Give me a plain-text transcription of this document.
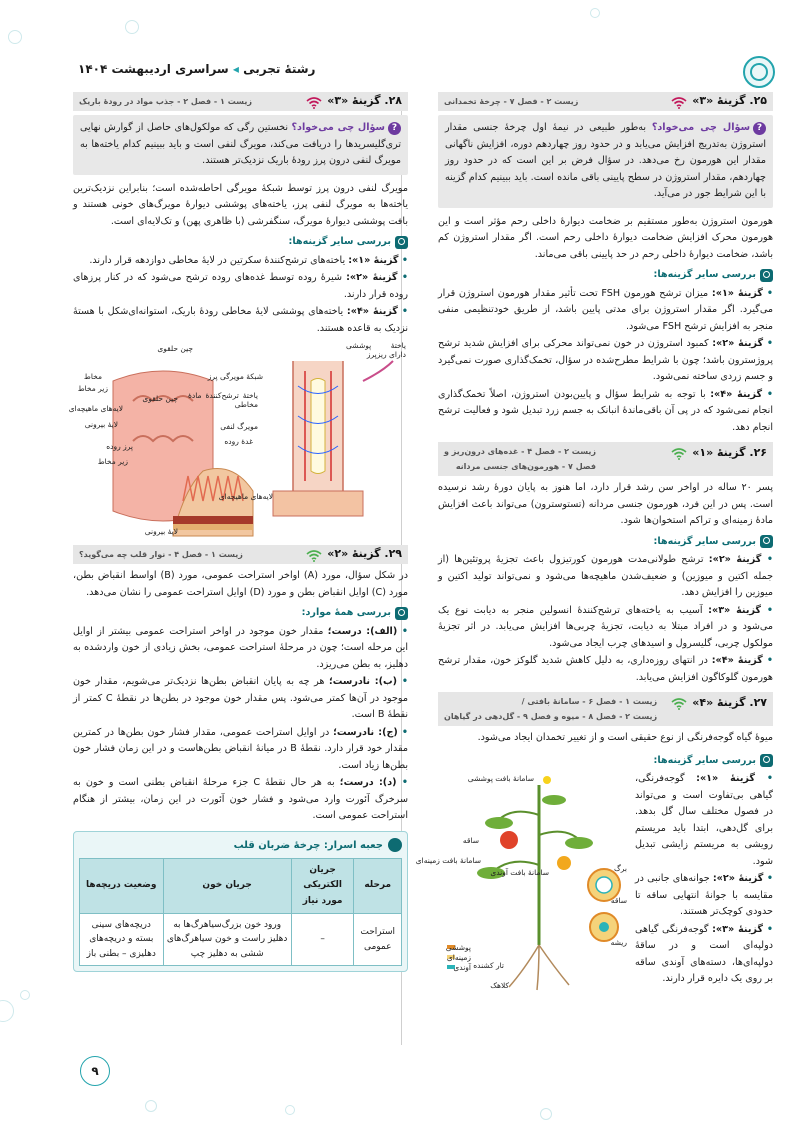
رشتهٔ تجربی ◂ سراسری اردیبهشت ۱۴۰۴
۲۵. گزینهٔ «۳»
زیست ۲ - فصل ۷ - چرخهٔ تخمدانی
?سؤال چی می‌خواد؟ به‌طور طبیعی در نیمهٔ اول چرخهٔ جنسی مقدار استروژن به‌تدریج افزایش می‌یابد و در حدود روز چهاردهم دوره، افزایش ناگهانی مقدار این هورمون رخ می‌دهد. در سؤال فرض بر این است که در حدود روز چهاردهم، مقدار استروژن در سطح پایینی باقی مانده است. باید ببینیم کدام گزینه با این شرایط جور در می‌آید.

هورمون استروژن به‌طور مستقیم بر ضخامت دیوارهٔ داخلی رحم مؤثر است و این هورمون محرک افزایش ضخامت دیوارهٔ داخلی رحم است. اگر مقدار استروژن کم باشد، ضخامت دیوارهٔ داخلی رحم در حد پایینی باقی می‌ماند.

بررسی سایر گزینه‌ها:
• گزینهٔ «۱»: میزان ترشح هورمون FSH تحت تأثیر مقدار هورمون استروژن قرار می‌گیرد. اگر مقدار استروژن برای مدتی پایین باشد، از طریق خودتنظیمی منفی منجر به افزایش ترشح FSH می‌شود.
• گزینهٔ «۲»: کمبود استروژن در خون نمی‌تواند محرکی برای افزایش شدید ترشح پروژسترون باشد؛ چون با شرایط مطرح‌شده در سؤال، تخمک‌گذاری صورت نمی‌گیرد و جسم زردی ساخته نمی‌شود.
• گزینهٔ «۴»: با توجه به شرایط سؤال و پایین‌بودن استروژن، اصلاً تخمک‌گذاری انجام نمی‌شود که در پی آن باقی‌ماندهٔ انبانک به جسم زرد تبدیل شود و فعالیت ترشح انجام دهد.
۲۶. گزینهٔ «۱»
زیست ۲ - فصل ۴ - غده‌های درون‌ریز و
فصل ۷ - هورمون‌های جنسی مردانه

پسر ۲۰ ساله در اواخر سن رشد قرار دارد، اما هنوز به پایان دورهٔ رشد نرسیده است. پس در این فرد، هورمون جنسی مردانه (تستوسترون) می‌تواند باعث افزایش مادهٔ زمینه‌ای و تراکم استخوان‌ها شود.

بررسی سایر گزینه‌ها:
• گزینهٔ «۲»: ترشح طولانی‌مدت هورمون کورتیزول باعث تجزیهٔ پروتئین‌ها (از جمله اکتین و میوزین) و ضعیف‌شدن ماهیچه‌ها می‌شود و نمی‌تواند تولید اکتین و میوزین را افزایش دهد.
• گزینهٔ «۳»: آسیب به یاخته‌های ترشح‌کنندهٔ انسولین منجر به دیابت نوع یک می‌شود و در افراد مبتلا به دیابت، تجزیهٔ چربی‌ها افزایش می‌یابد. در اثر تجزیهٔ مولکول چربی، گلیسرول و اسیدهای چرب ایجاد می‌شود.
• گزینهٔ «۴»: در انتهای روزه‌داری، به دلیل کاهش شدید گلوکز خون، مقدار ترشح هورمون گلوکاگون افزایش می‌یابد.
۲۷. گزینهٔ «۴»
زیست ۱ - فصل ۶ - سامانهٔ بافتی /
زیست ۲ - فصل ۸ - میوه و فصل ۹ - گل‌دهی در گیاهان

میوهٔ گیاه گوجه‌فرنگی از نوع حقیقی است و از تغییر تخمدان ایجاد می‌شود.

بررسی سایر گزینه‌ها:
• گزینهٔ «۱»: گوجه‌فرنگی، گیاهی بی‌تفاوت است و می‌تواند در فصول مختلف سال گل بدهد. برای گل‌دهی، ابتدا باید مریستم رویشی به مریستم زایشی تبدیل شود.
• گزینهٔ «۲»: جوانه‌های جانبی در مقایسه با جوانهٔ انتهایی ساقه تا حدودی کوچک‌تر هستند.
• گزینهٔ «۳»: گوجه‌فرنگی گیاهی دولپه‌ای است و در ساقهٔ دولپه‌ای‌ها، دسته‌های آوندی ساقه بر روی یک دایره قرار دارند.
سامانهٔ بافت پوششی
ساقه
سامانهٔ بافت زمینه‌ای
سامانهٔ بافت آوندی	برگ
ساقه
ریشه
تار کشنده
کلاهک
پوششی
زمینه‌ای
آوندی
۲۸. گزینهٔ «۳»
زیست ۱ - فصل ۲ - جذب مواد در رودهٔ باریک
?سؤال چی می‌خواد؟ نخستین رگی که مولکول‌های حاصل از گوارش نهایی تری‌گلیسریدها را دریافت می‌کند، مویرگ لنفی است و باید ببینیم کدام یاخته‌ها به مویرگ لنفی درون پرز رودهٔ باریک نزدیک‌تر هستند.

مویرگ لنفی درون پرز توسط شبکهٔ مویرگی احاطه‌شده است؛ بنابراین نزدیک‌ترین یاخته‌ها به مویرگ لنفی پرز، یاخته‌های پوششی دیوارهٔ مویرگ‌های خونی هستند و بافت پوششی دیوارهٔ مویرگ، سنگفرشی (با ظاهری پهن) و تک‌لایه‌ای است.

بررسی سایر گزینه‌ها:
• گزینهٔ «۱»: یاخته‌های ترشح‌کنندهٔ سکرتین در لایهٔ مخاطی دوازدهه قرار دارند.
• گزینهٔ «۲»: شیرهٔ روده توسط غده‌های روده ترشح می‌شود که در کنار پرزهای روده قرار دارند.
• گزینهٔ «۴»: یاخته‌های پوششی لایهٔ مخاطی رودهٔ باریک، استوانه‌ای‌شکل با هستهٔ نزدیک به قاعده هستند.
چین حلقوی
مخاط
زیر مخاط
لایه‌های ماهیچه‌ای
لایهٔ بیرونی
چین حلقوی
پرز روده
زیر مخاط
لایه‌های ماهیچه‌ای
لایهٔ بیرونی
شبکهٔ مویرگی پرز
یاختهٔ ترشح‌کنندهٔ مادهٔ مخاطی
مویرگ لنفی
غدهٔ روده
یاختهٔ پوششی دارای ریزپرز
۲۹. گزینهٔ «۲»
زیست ۱ - فصل ۴ - نوار قلب چه می‌گوید؟

در شکل سؤال، مورد (A) اواخر استراحت عمومی، مورد (B) اواسط انقباض بطن، مورد (C) اوایل انقباض بطن و مورد (D) اوایل استراحت عمومی را نشان می‌دهد.

بررسی همهٔ موارد:
• (الف): درست؛ مقدار خون موجود در اواخر استراحت عمومی بیشتر از اوایل این مرحله است؛ چون در مرحلهٔ استراحت عمومی، بخش زیادی از خون واردشده به دهلیز، به بطن می‌ریزد.
• (ب): نادرست؛ هر چه به پایان انقباض بطن‌ها نزدیک‌تر می‌شویم، مقدار خون موجود در آن‌ها کمتر می‌شود. پس مقدار خون موجود در بطن‌ها در نقطهٔ C کمتر از نقطهٔ B است.
• (ج): نادرست؛ در اوایل استراحت عمومی، مقدار فشار خون بطن‌ها در کمترین مقدار خود قرار دارد. نقطهٔ B در میانهٔ انقباض بطن‌هاست و در این زمان فشار خون بطن‌ها زیاد است.
• (د): درست؛ به هر حال نقطهٔ C جزء مرحلهٔ انقباض بطنی است و خون به سرخرگ آئورت وارد می‌شود و فشار خون آئورت در این زمان، بیشتر از هنگام استراحت عمومی است.
جعبه اسرار: چرخهٔ ضربان قلب
مرحله	جریان الکتریکی مورد نیاز	جریان خون	وضعیت دریچه‌ها
استراحت عمومی	–	ورود خون بزرگ‌سیاهرگ‌ها به دهلیز راست و خون سیاهرگ‌های ششی به دهلیز چپ	دریچه‌های سینی بسته و دریچه‌های دهلیزی – بطنی باز
۹
